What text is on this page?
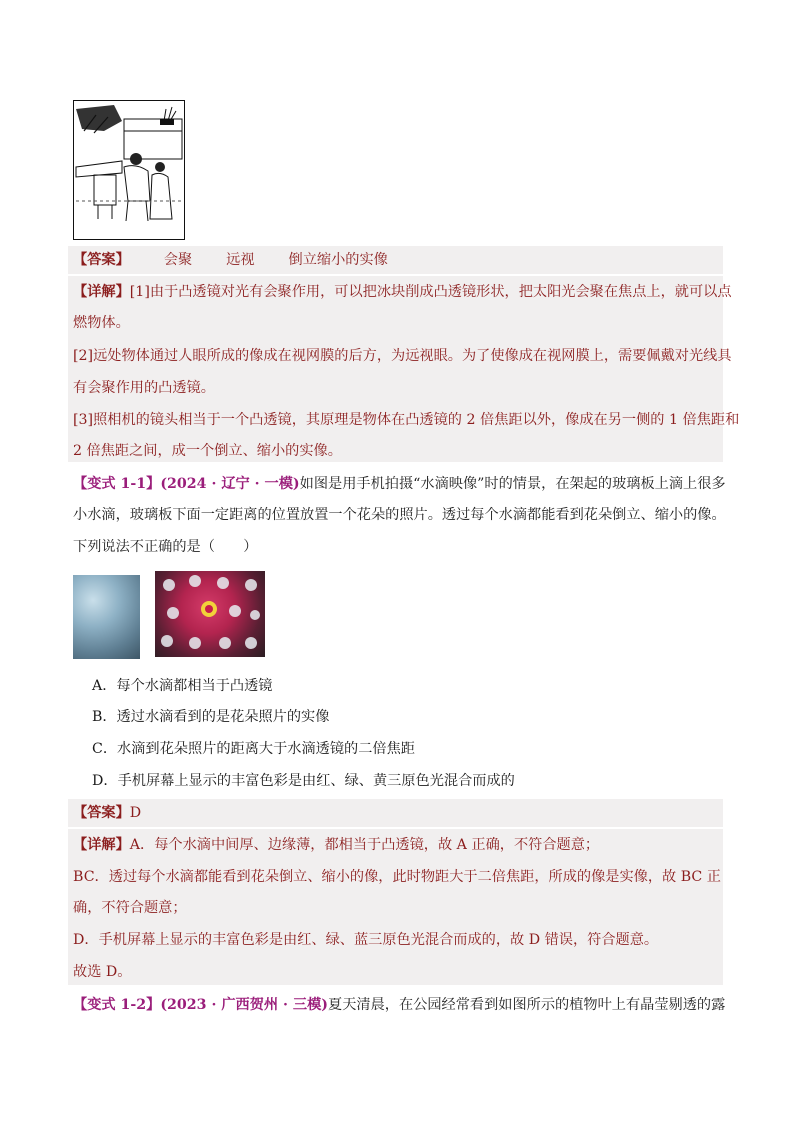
【答案】 会聚 远视 倒立缩小的实像
【详解】[1]由于凸透镜对光有会聚作用，可以把冰块削成凸透镜形状，把太阳光会聚在焦点上，就可以点
燃物体。
[2]远处物体通过人眼所成的像成在视网膜的后方，为远视眼。为了使像成在视网膜上，需要佩戴对光线具
有会聚作用的凸透镜。
[3]照相机的镜头相当于一个凸透镜，其原理是物体在凸透镜的 2 倍焦距以外，像成在另一侧的 1 倍焦距和
2 倍焦距之间，成一个倒立、缩小的实像。
【变式 1-1】(2024 · 辽宁 · 一模)如图是用手机拍摄“水滴映像”时的情景，在架起的玻璃板上滴上很多
小水滴，玻璃板下面一定距离的位置放置一个花朵的照片。透过每个水滴都能看到花朵倒立、缩小的像。
下列说法不正确的是（　　）
A．每个水滴都相当于凸透镜
B．透过水滴看到的是花朵照片的实像
C．水滴到花朵照片的距离大于水滴透镜的二倍焦距
D．手机屏幕上显示的丰富色彩是由红、绿、黄三原色光混合而成的
【答案】D
【详解】A．每个水滴中间厚、边缘薄，都相当于凸透镜，故 A 正确，不符合题意；
BC．透过每个水滴都能看到花朵倒立、缩小的像，此时物距大于二倍焦距，所成的像是实像，故 BC 正
确，不符合题意；
D．手机屏幕上显示的丰富色彩是由红、绿、蓝三原色光混合而成的，故 D 错误，符合题意。
故选 D。
【变式 1-2】(2023 · 广西贺州 · 三模)夏天清晨，在公园经常看到如图所示的植物叶上有晶莹剔透的露
